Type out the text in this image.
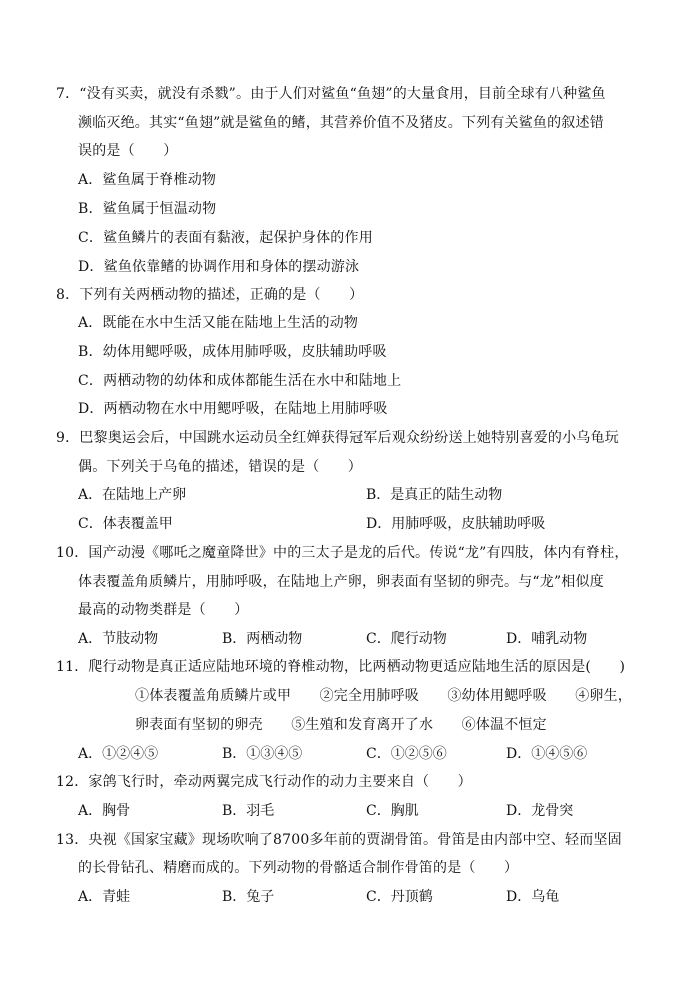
7．“没有买卖，就没有杀戮”。由于人们对鲨鱼“鱼翅”的大量食用，目前全球有八种鲨鱼
濒临灭绝。其实“鱼翅”就是鲨鱼的鳍，其营养价值不及猪皮。下列有关鲨鱼的叙述错
误的是（　　）
A．鲨鱼属于脊椎动物
B．鲨鱼属于恒温动物
C．鲨鱼鳞片的表面有黏液，起保护身体的作用
D．鲨鱼依靠鳍的协调作用和身体的摆动游泳
8．下列有关两栖动物的描述，正确的是（　　）
A．既能在水中生活又能在陆地上生活的动物
B．幼体用鳃呼吸，成体用肺呼吸，皮肤辅助呼吸
C．两栖动物的幼体和成体都能生活在水中和陆地上
D．两栖动物在水中用鳃呼吸，在陆地上用肺呼吸
9．巴黎奥运会后，中国跳水运动员全红婵获得冠军后观众纷纷送上她特别喜爱的小乌龟玩
偶。下列关于乌龟的描述，错误的是（　　）
A．在陆地上产卵	B．是真正的陆生动物
C．体表覆盖甲	D．用肺呼吸，皮肤辅助呼吸
10．国产动漫《哪吒之魔童降世》中的三太子是龙的后代。传说“龙”有四肢，体内有脊柱，
体表覆盖角质鳞片，用肺呼吸，在陆地上产卵，卵表面有坚韧的卵壳。与“龙”相似度
最高的动物类群是（　　）
A．节肢动物	B．两栖动物	C．爬行动物	D．哺乳动物
11．爬行动物是真正适应陆地环境的脊椎动物，比两栖动物更适应陆地生活的原因是(　　)
①体表覆盖角质鳞片或甲　　②完全用肺呼吸　　③幼体用鳃呼吸　　④卵生，
卵表面有坚韧的卵壳　　⑤生殖和发育离开了水　　⑥体温不恒定
A．①②④⑤	B．①③④⑤	C．①②⑤⑥	D．①④⑤⑥
12．家鸽飞行时，牵动两翼完成飞行动作的动力主要来自（　　）
A．胸骨	B．羽毛	C．胸肌	D．龙骨突
13．央视《国家宝藏》现场吹响了8700多年前的贾湖骨笛。骨笛是由内部中空、轻而坚固
的长骨钻孔、精磨而成的。下列动物的骨骼适合制作骨笛的是（　　）
A．青蛙	B．兔子	C．丹顶鹤	D．乌龟
